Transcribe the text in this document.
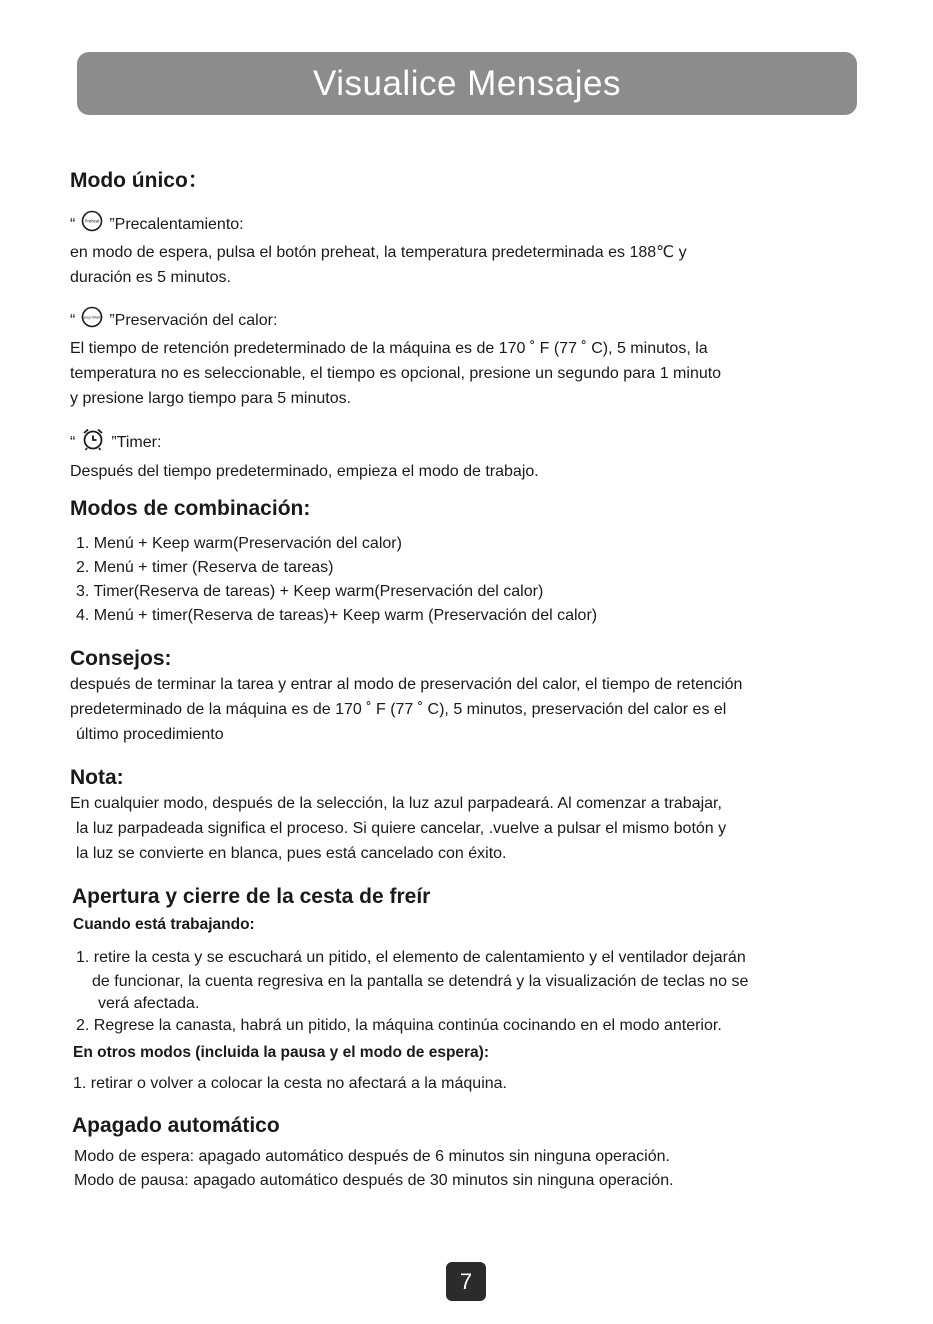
Visualice Mensajes
Modo único：
“ Preheat ”Precalentamiento:
en modo de espera, pulsa el botón preheat, la temperatura predeterminada es 188℃ y
duración es 5 minutos.
“ Keep Warm ”Preservación del calor:
El tiempo de retención predeterminado de la máquina es de 170 ˚ F (77 ˚ C), 5 minutos, la
temperatura no es seleccionable, el tiempo es opcional, presione un segundo para 1 minuto
y presione largo tiempo para 5 minutos.
“ ”Timer:
Después del tiempo predeterminado, empieza el modo de trabajo.
Modos de combinación:
1. Menú + Keep warm(Preservación del calor)
2. Menú + timer (Reserva de tareas)
3. Timer(Reserva de tareas) + Keep warm(Preservación del calor)
4. Menú + timer(Reserva de tareas)+ Keep warm (Preservación del calor)
Consejos:
después de terminar la tarea y entrar al modo de preservación del calor, el tiempo de retención
predeterminado de la máquina es de 170 ˚ F (77 ˚ C), 5 minutos, preservación del calor es el
último procedimiento
Nota:
En cualquier modo, después de la selección, la luz azul parpadeará. Al comenzar a trabajar,
la luz parpadeada significa el proceso. Si quiere cancelar, .vuelve a pulsar el mismo botón y
la luz se convierte en blanca, pues está cancelado con éxito.
Apertura y cierre de la cesta de freír
Cuando está trabajando:
1. retire la cesta y se escuchará un pitido, el elemento de calentamiento y el ventilador dejarán
de funcionar, la cuenta regresiva en la pantalla se detendrá y la visualización de teclas no se
verá afectada.
2. Regrese la canasta, habrá un pitido, la máquina continúa cocinando en el modo anterior.
En otros modos (incluida la pausa y el modo de espera):
1. retirar o volver a colocar la cesta no afectará a la máquina.
Apagado automático
Modo de espera: apagado automático después de 6 minutos sin ninguna operación.
Modo de pausa: apagado automático después de 30 minutos sin ninguna operación.
7
